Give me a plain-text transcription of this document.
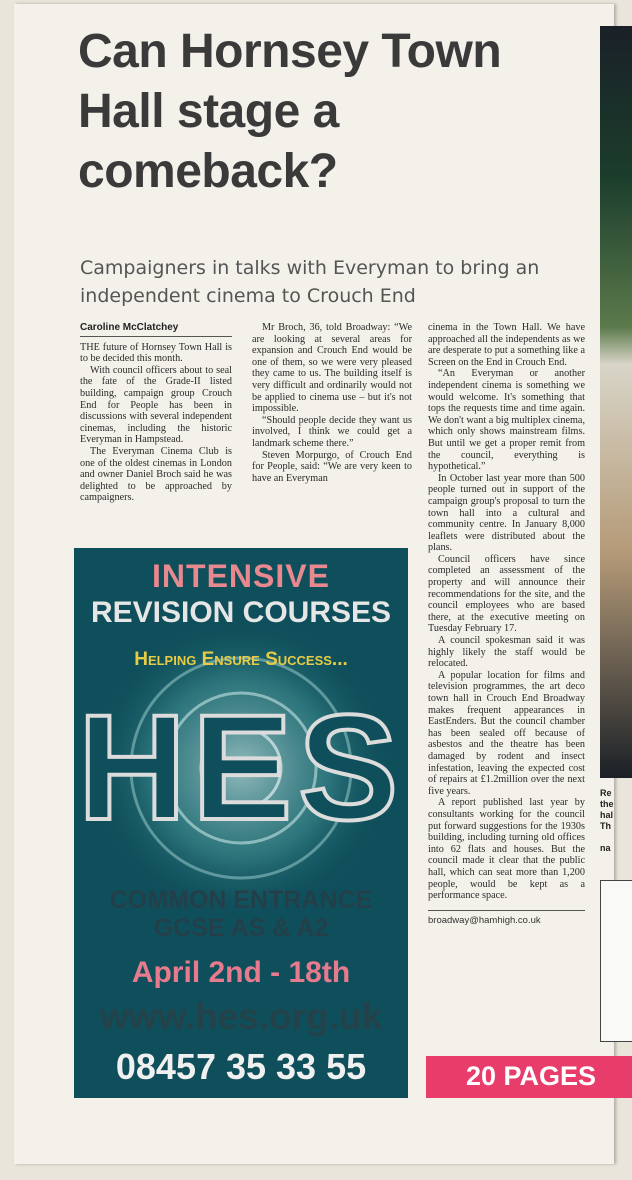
Can Hornsey Town Hall stage a comeback?

Campaigners in talks with Everyman to bring an independent cinema to Crouch End

Caroline McClatchey

THE future of Hornsey Town Hall is to be decided this month.

With council officers about to seal the fate of the Grade-II listed building, campaign group Crouch End for People has been in discussions with several independent cinemas, including the historic Everyman in Hampstead.

The Everyman Cinema Club is one of the oldest cinemas in London and owner Daniel Broch said he was delighted to be approached by campaigners.

Mr Broch, 36, told Broadway: “We are looking at several areas for expansion and Crouch End would be one of them, so we were very pleased they came to us. The building itself is very difficult and ordinarily would not be applied to cinema use – but it's not impossible.

“Should people decide they want us involved, I think we could get a landmark scheme there.”

Steven Morpurgo, of Crouch End for People, said: “We are very keen to have an Everyman

cinema in the Town Hall. We have approached all the independents as we are desperate to put a something like a Screen on the End in Crouch End.

“An Everyman or another independent cinema is something we would welcome. It's something that tops the requests time and time again. We don't want a big multiplex cinema, which only shows mainstream films. But until we get a proper remit from the council, everything is hypothetical.”

In October last year more than 500 people turned out in support of the campaign group's proposal to turn the town hall into a cultural and community centre. In January 8,000 leaflets were distributed about the plans.

Council officers have since completed an assessment of the property and will announce their recommendations for the site, and the council employees who are based there, at the executive meeting on Tuesday February 17.

A council spokesman said it was highly likely the staff would be relocated.

A popular location for films and television programmes, the art deco town hall in Crouch End Broadway makes frequent appearances in EastEnders. But the council chamber has been sealed off because of asbestos and the theatre has been damaged by rodent and insect infestation, leaving the expected cost of repairs at £1.2million over the next five years.

A report published last year by consultants working for the council put forward suggestions for the 1930s building, including turning old offices into 62 flats and houses. But the council made it clear that the public hall, which can seat more than 1,200 people, would be kept as a performance space.

broadway@hamhigh.co.uk
INTENSIVE
REVISION COURSES
Helping Ensure Success...
HES
COMMON ENTRANCE
GCSE AS & A2
April 2nd - 18th
www.hes.org.uk
08457 35 33 55
Re
the
hal
Th

na
20 PAGES
